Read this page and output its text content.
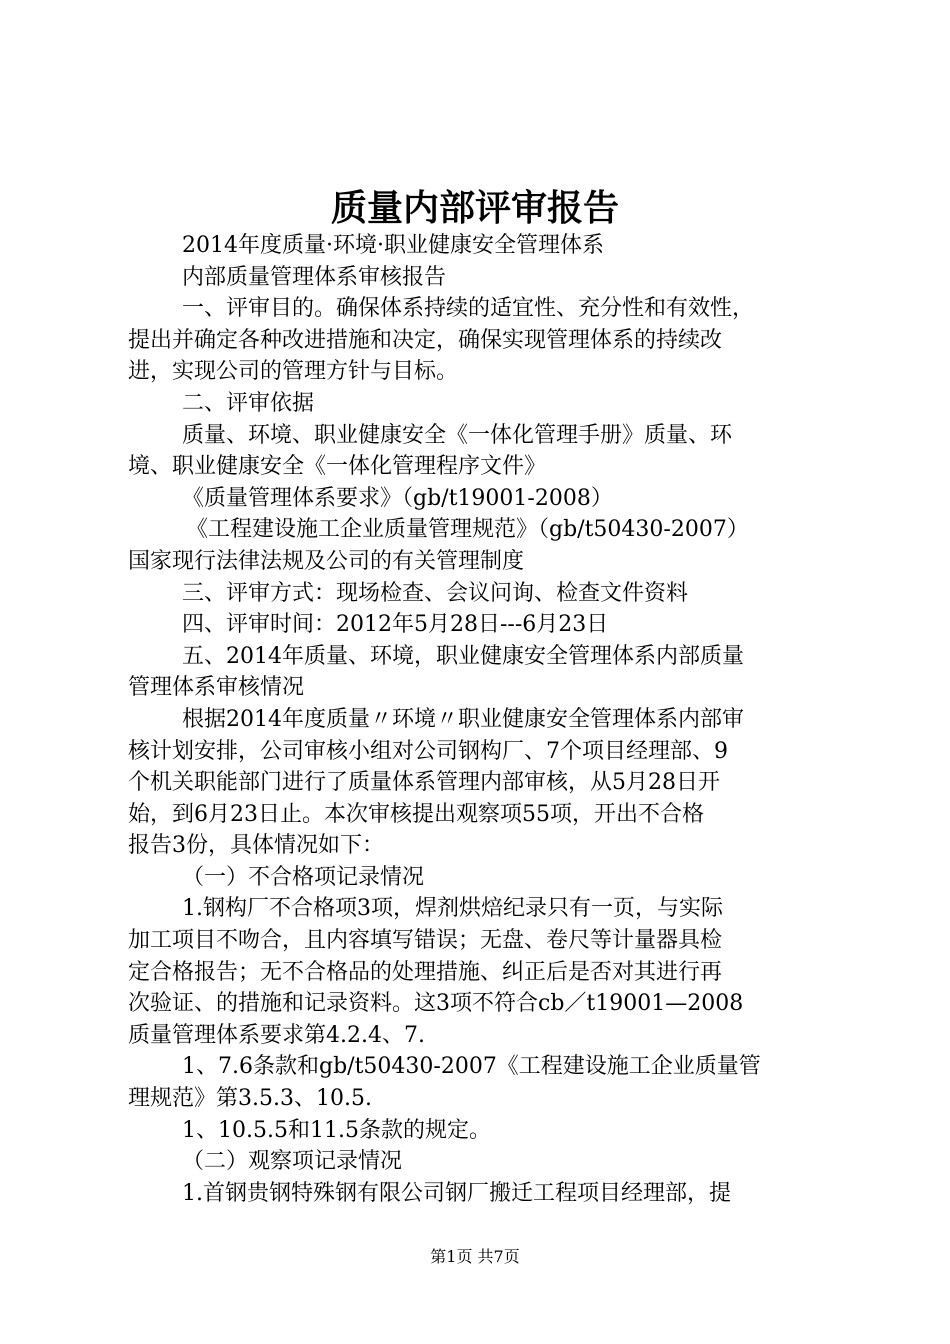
质量内部评审报告
2014年度质量·环境·职业健康安全管理体系
内部质量管理体系审核报告
一、评审目的。确保体系持续的适宜性、充分性和有效性，
提出并确定各种改进措施和决定，确保实现管理体系的持续改
进，实现公司的管理方针与目标。
二、评审依据
质量、环境、职业健康安全《一体化管理手册》质量、环
境、职业健康安全《一体化管理程序文件》
《质量管理体系要求》（gb/t19001-2008）
《工程建设施工企业质量管理规范》（gb/t50430-2007）
国家现行法律法规及公司的有关管理制度
三、评审方式：现场检查、会议问询、检查文件资料
四、评审时间：2012年5月28日---6月23日
五、2014年质量、环境，职业健康安全管理体系内部质量
管理体系审核情况
根据2014年度质量〃环境〃职业健康安全管理体系内部审
核计划安排，公司审核小组对公司钢构厂、7个项目经理部、9
个机关职能部门进行了质量体系管理内部审核，从5月28日开
始，到6月23日止。本次审核提出观察项55项，开出不合格
报告3份，具体情况如下：
（一）不合格项记录情况
1.钢构厂不合格项3项，焊剂烘焙纪录只有一页，与实际
加工项目不吻合，且内容填写错误；无盘、卷尺等计量器具检
定合格报告；无不合格品的处理措施、纠正后是否对其进行再
次验证、的措施和记录资料。这3项不符合cb／t19001—2008
质量管理体系要求第4.2.4、7.
1、7.6条款和gb/t50430-2007《工程建设施工企业质量管
理规范》第3.5.3、10.5.
1、10.5.5和11.5条款的规定。
（二）观察项记录情况
1.首钢贵钢特殊钢有限公司钢厂搬迁工程项目经理部，提
第1页 共7页
